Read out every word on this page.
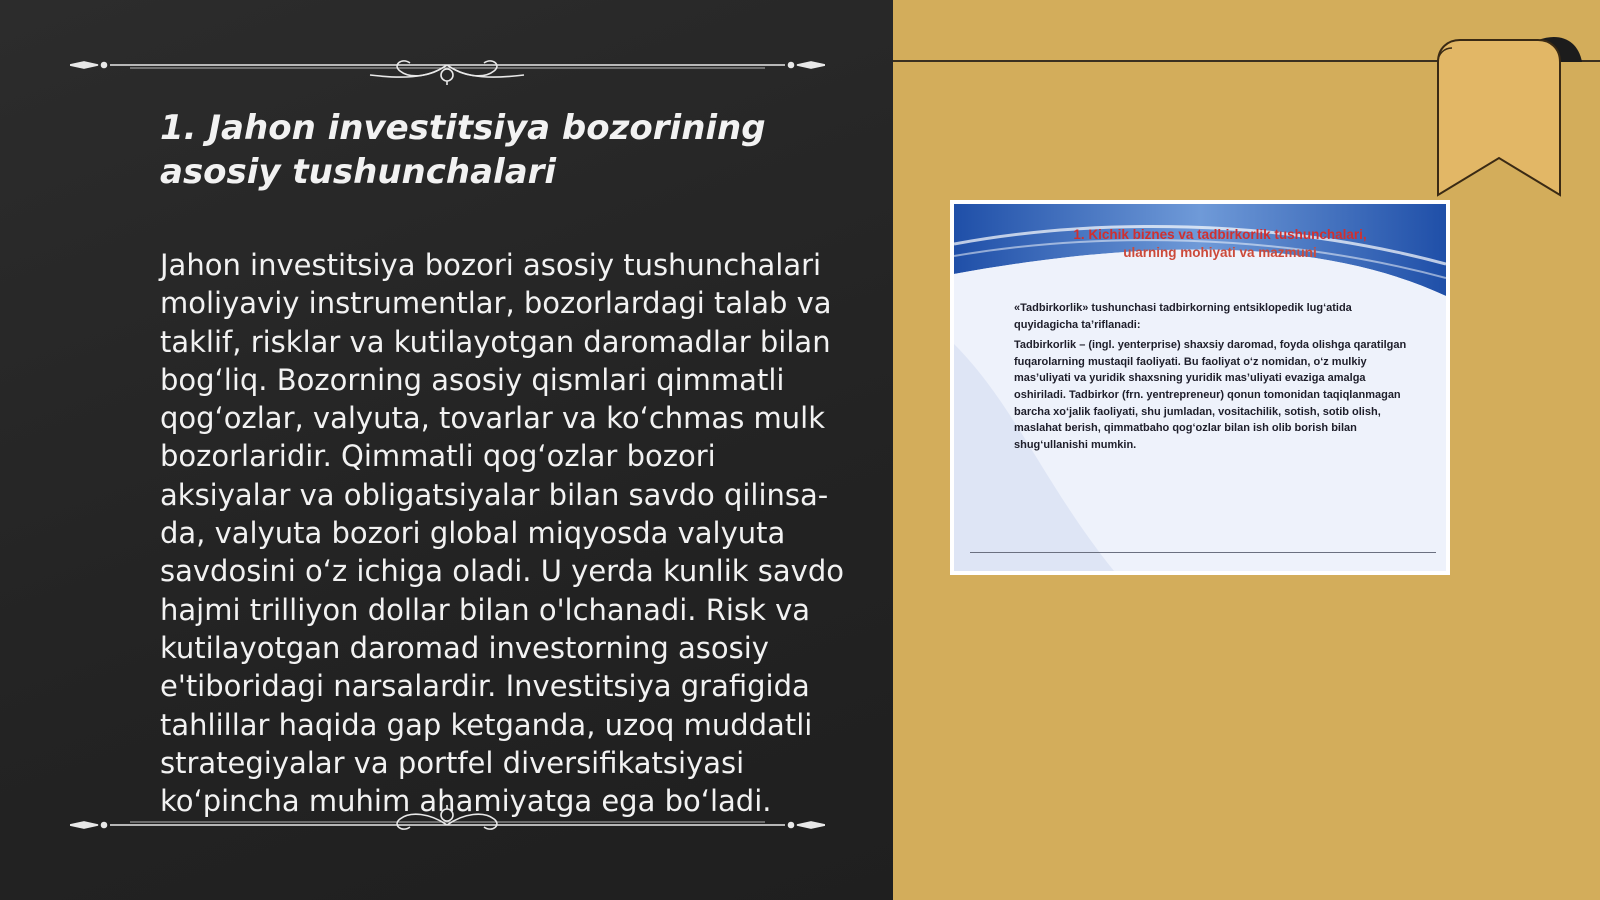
1. Jahon investitsiya bozorining asosiy tushunchalari

Jahon investitsiya bozori asosiy tushunchalari moliyaviy instrumentlar, bozorlardagi talab va taklif, risklar va kutilayotgan daromadlar bilan bog‘liq. Bozorning asosiy qismlari qimmatli qog‘ozlar, valyuta, tovarlar va ko‘chmas mulk bozorlaridir. Qimmatli qog‘ozlar bozori aksiyalar va obligatsiyalar bilan savdo qilinsa-da, valyuta bozori global miqyosda valyuta savdosini o‘z ichiga oladi. U yerda kunlik savdo hajmi trilliyon dollar bilan o'lchanadi. Risk va kutilayotgan daromad investorning asosiy e'tiboridagi narsalardir. Investitsiya grafigida tahlillar haqida gap ketganda, uzoq muddatli strategiyalar va portfel diversifikatsiyasi ko‘pincha muhim ahamiyatga ega bo‘ladi.

1. Kichik biznes va tadbirkorlik tushunchalari,
ularning mohiyati va mazmuni

«Tadbirkorlik» tushunchasi tadbirkorning entsiklopedik lug‘atida quyidagicha ta’riflanadi:

Tadbirkorlik – (ingl. yenterprise) shaxsiy daromad, foyda olishga qaratilgan fuqarolarning mustaqil faoliyati. Bu faoliyat o‘z nomidan, o‘z mulkiy mas’uliyati va yuridik shaxsning yuridik mas’uliyati evaziga amalga oshiriladi. Tadbirkor (frn. yentrepreneur) qonun tomonidan taqiqlanmagan barcha xo‘jalik faoliyati, shu jumladan, vositachilik, sotish, sotib olish, maslahat berish, qimmatbaho qog‘ozlar bilan ish olib borish bilan shug‘ullanishi mumkin.
